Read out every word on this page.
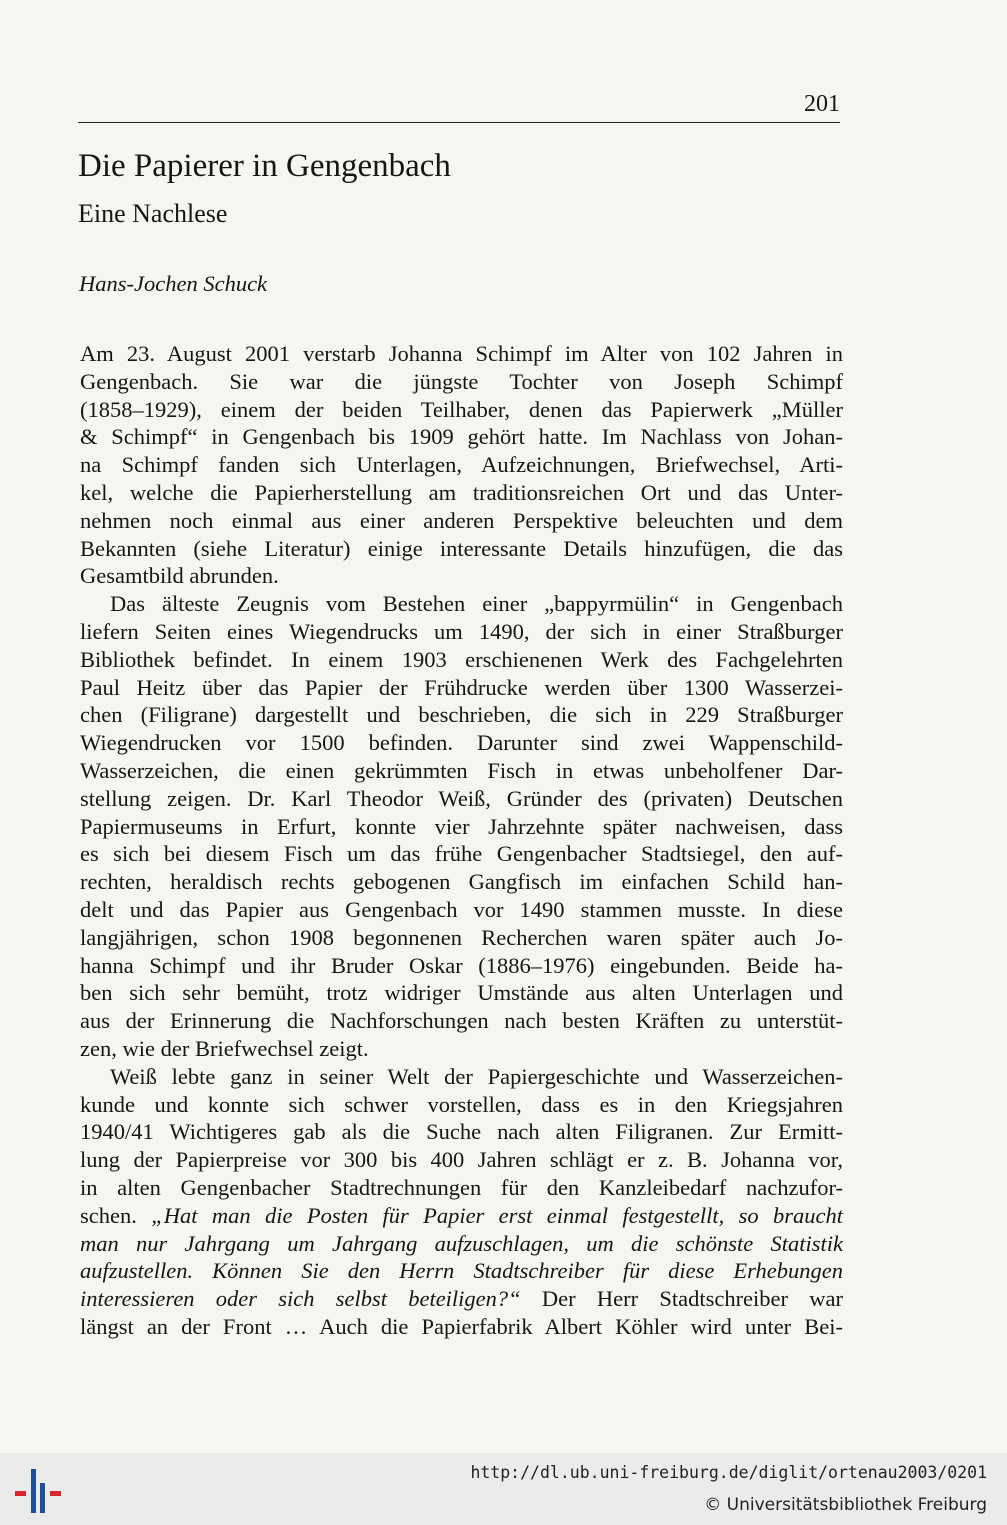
201
Die Papierer in Gengenbach
Eine Nachlese
Hans-Jochen Schuck
Am 23. August 2001 verstarb Johanna Schimpf im Alter von 102 Jahren in
Gengenbach. Sie war die jüngste Tochter von Joseph Schimpf
(1858–1929), einem der beiden Teilhaber, denen das Papierwerk „Müller
& Schimpf“ in Gengenbach bis 1909 gehört hatte. Im Nachlass von Johan-
na Schimpf fanden sich Unterlagen, Aufzeichnungen, Briefwechsel, Arti-
kel, welche die Papierherstellung am traditionsreichen Ort und das Unter-
nehmen noch einmal aus einer anderen Perspektive beleuchten und dem
Bekannten (siehe Literatur) einige interessante Details hinzufügen, die das
Gesamtbild abrunden.
Das älteste Zeugnis vom Bestehen einer „bappyrmülin“ in Gengenbach
liefern Seiten eines Wiegendrucks um 1490, der sich in einer Straßburger
Bibliothek befindet. In einem 1903 erschienenen Werk des Fachgelehrten
Paul Heitz über das Papier der Frühdrucke werden über 1300 Wasserzei-
chen (Filigrane) dargestellt und beschrieben, die sich in 229 Straßburger
Wiegendrucken vor 1500 befinden. Darunter sind zwei Wappenschild-
Wasserzeichen, die einen gekrümmten Fisch in etwas unbeholfener Dar-
stellung zeigen. Dr. Karl Theodor Weiß, Gründer des (privaten) Deutschen
Papiermuseums in Erfurt, konnte vier Jahrzehnte später nachweisen, dass
es sich bei diesem Fisch um das frühe Gengenbacher Stadtsiegel, den auf-
rechten, heraldisch rechts gebogenen Gangfisch im einfachen Schild han-
delt und das Papier aus Gengenbach vor 1490 stammen musste. In diese
langjährigen, schon 1908 begonnenen Recherchen waren später auch Jo-
hanna Schimpf und ihr Bruder Oskar (1886–1976) eingebunden. Beide ha-
ben sich sehr bemüht, trotz widriger Umstände aus alten Unterlagen und
aus der Erinnerung die Nachforschungen nach besten Kräften zu unterstüt-
zen, wie der Briefwechsel zeigt.
Weiß lebte ganz in seiner Welt der Papiergeschichte und Wasserzeichen-
kunde und konnte sich schwer vorstellen, dass es in den Kriegsjahren
1940/41 Wichtigeres gab als die Suche nach alten Filigranen. Zur Ermitt-
lung der Papierpreise vor 300 bis 400 Jahren schlägt er z. B. Johanna vor,
in alten Gengenbacher Stadtrechnungen für den Kanzleibedarf nachzufor-
schen. „Hat man die Posten für Papier erst einmal festgestellt, so braucht
man nur Jahrgang um Jahrgang aufzuschlagen, um die schönste Statistik
aufzustellen. Können Sie den Herrn Stadtschreiber für diese Erhebungen
interessieren oder sich selbst beteiligen?“ Der Herr Stadtschreiber war
längst an der Front … Auch die Papierfabrik Albert Köhler wird unter Bei-
http://dl.ub.uni-freiburg.de/diglit/ortenau2003/0201
© Universitätsbibliothek Freiburg
